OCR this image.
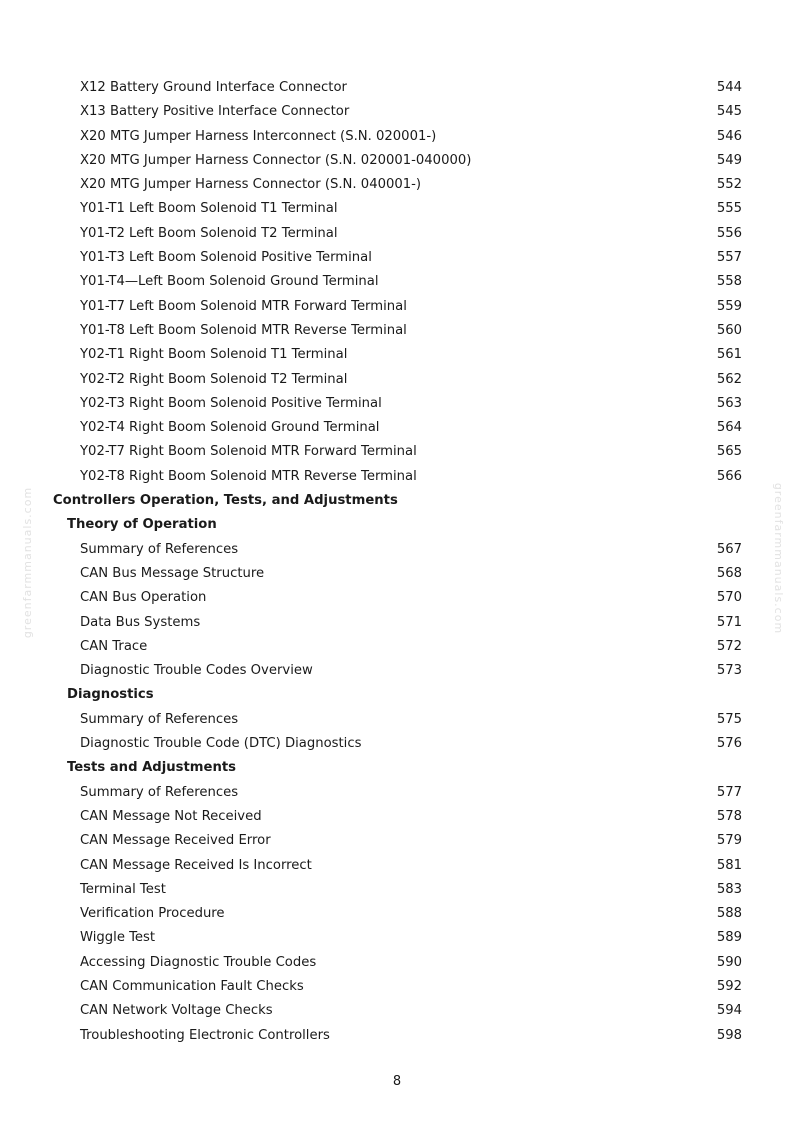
greenfarmmanuals.com	greenfarmmanuals.com
X12 Battery Ground Interface Connector	544
X13 Battery Positive Interface Connector	545
X20 MTG Jumper Harness Interconnect (S.N. 020001-)	546
X20 MTG Jumper Harness Connector (S.N. 020001-040000)	549
X20 MTG Jumper Harness Connector (S.N. 040001-)	552
Y01-T1 Left Boom Solenoid T1 Terminal	555
Y01-T2 Left Boom Solenoid T2 Terminal	556
Y01-T3 Left Boom Solenoid Positive Terminal	557
Y01-T4—Left Boom Solenoid Ground Terminal	558
Y01-T7 Left Boom Solenoid MTR Forward Terminal	559
Y01-T8 Left Boom Solenoid MTR Reverse Terminal	560
Y02-T1 Right Boom Solenoid T1 Terminal	561
Y02-T2 Right Boom Solenoid T2 Terminal	562
Y02-T3 Right Boom Solenoid Positive Terminal	563
Y02-T4 Right Boom Solenoid Ground Terminal	564
Y02-T7 Right Boom Solenoid MTR Forward Terminal	565
Y02-T8 Right Boom Solenoid MTR Reverse Terminal	566
Controllers Operation, Tests, and Adjustments
Theory of Operation
Summary of References	567
CAN Bus Message Structure	568
CAN Bus Operation	570
Data Bus Systems	571
CAN Trace	572
Diagnostic Trouble Codes Overview	573
Diagnostics
Summary of References	575
Diagnostic Trouble Code (DTC) Diagnostics	576
Tests and Adjustments
Summary of References	577
CAN Message Not Received	578
CAN Message Received Error	579
CAN Message Received Is Incorrect	581
Terminal Test	583
Verification Procedure	588
Wiggle Test	589
Accessing Diagnostic Trouble Codes	590
CAN Communication Fault Checks	592
CAN Network Voltage Checks	594
Troubleshooting Electronic Controllers	598
8
